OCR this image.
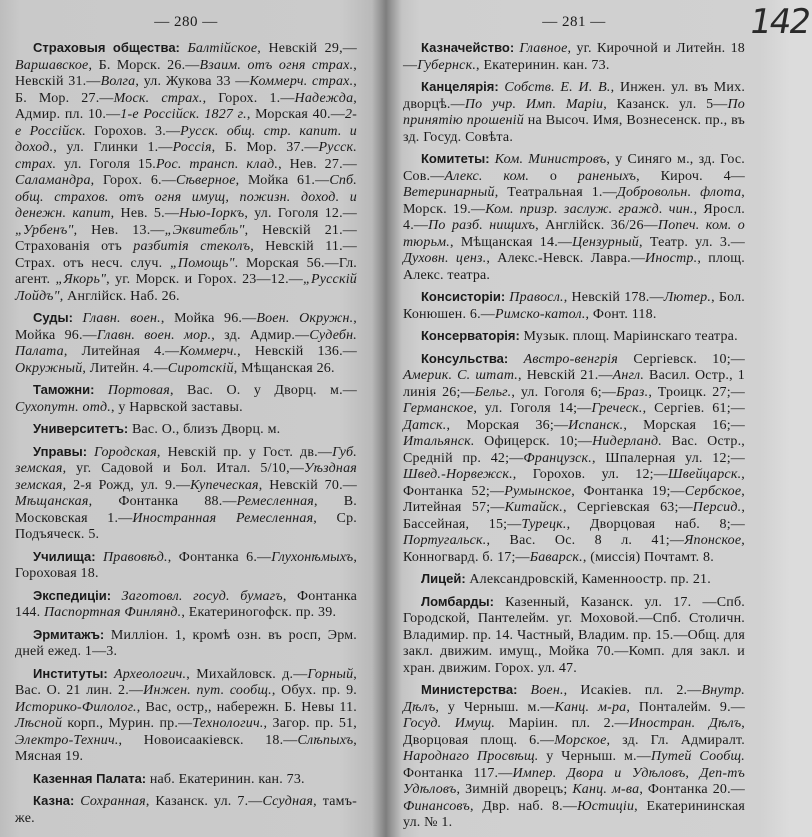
142
— 280 —

Страховыя общества: Балтійское, Невскій 29,—Варшавское, Б. Морск. 26.—Взаим. отъ огня страх., Невскій 31.—Волга, ул. Жукова 33 —Коммерч. страх., Б. Мор. 27.—Моск. страх., Горох. 1.—Надежда, Адмир. пл. 10.—1-е Россійск. 1827 г., Морская 40.—2-е Россійск. Горохов. 3.—Русск. общ. стр. капит. и доход., ул. Глинки 1.—Россія, Б. Мор. 37.—Русск. страх. ул. Гоголя 15.Рос. трансп. клад., Нев. 27.—Саламандра, Горох. 6.—Сѣверное, Мойка 61.—Спб. общ. страхов. отъ огня имущ, пожизн. доход. и денежн. капит, Нев. 5.—Нью-Іоркъ, ул. Гоголя 12.— „Урбенъ", Нев. 13.—„Эквитебль", Невскій 21.—Страхованія отъ разбитія стеколъ, Невскій 11.—Страх. отъ несч. случ. „Помощь". Морская 56.—Гл. агент. „Якорь", уг. Морск. и Горох. 23—12.—„Русскій Лойдъ", Англійск. Наб. 26.

Суды: Главн. воен., Мойка 96.—Воен. Окружн., Мойка 96.—Главн. воен. мор., зд. Адмир.—Судебн. Палата, Литейная 4.—Коммерч., Невскій 136.—Окружный, Литейн. 4.—Сиротскій, Мѣщанская 26.

Таможни: Портовая, Вас. О. у Дворц. м.—Сухопутн. отд., у Нарвской заставы.

Университетъ: Вас. О., близъ Дворц. м.

Управы: Городская, Невскій пр. у Гост. дв.—Губ. земская, уг. Садовой и Бол. Итал. 5/10,—Уѣздная земская, 2-я Рожд, ул. 9.—Купеческая, Невскій 70.—Мѣщанская, Фонтанка 88.—Ремесленная, В. Московская 1.—Иностранная Ремесленная, Ср. Подъяческ. 5.

Училища: Правовѣд., Фонтанка 6.—Глухонѣмыхъ, Гороховая 18.

Экспедиціи: Заготовл. госуд. бумагъ, Фонтанка 144. Паспортная Финлянд., Екатериногофск. пр. 39.

Эрмитажъ: Милліон. 1, кромѣ озн. въ росп, Эрм. дней ежед. 1—3.

Институты: Археологич., Михайловск. д.—Горный, Вас. О. 21 лин. 2.—Инжен. пут. сообщ., Обух. пр. 9. Историко-Филолог., Вас, остр,, набережн. Б. Невы 11. Лѣсной корп., Мурин. пр.—Технологич., Загор. пр. 51, Электро-Технич., Новоисаакіевск. 18.—Слѣпыхъ, Мясная 19.

Казенная Палата: наб. Екатеринин. кан. 73.

Казна: Сохранная, Казанск. ул. 7.—Ссудная, тамъ-же.

— 281 —

Казначейство: Главное, уг. Кирочной и Литейн. 18—Губернск., Екатеринин. кан. 73.

Канцелярія: Собств. Е. И. В., Инжен. ул. въ Мих. дворцѣ.—По учр. Имп. Маріи, Казанск. ул. 5—По принятію прошеній на Высоч. Имя, Вознесенск. пр., въ зд. Госуд. Совѣта.

Комитеты: Ком. Министровъ, у Синяго м., зд. Гос. Сов.—Алекс. ком. о раненыхъ, Кироч. 4—Ветеринарный, Театральная 1.—Добровольн. флота, Морск. 19.—Ком. призр. заслуж. гражд. чин., Яросл. 4.—По разб. нищихъ, Англійск. 36/26—Попеч. ком. о тюрьм., Мѣщанская 14.—Цензурный, Театр. ул. 3.—Духовн. ценз., Алекс.-Невск. Лавра.—Иностр., площ. Алекс. театра.

Консисторіи: Правосл., Невскій 178.—Лютер., Бол. Конюшен. 6.—Римско-катол., Фонт. 118.

Консерваторія: Музык. площ. Маріинскаго театра.

Консульства: Австро-венгрія Сергіевск. 10;—Америк. С. штат., Невскій 21.—Англ. Васил. Остр., 1 линія 26;—Бельг., ул. Гоголя 6;—Браз., Троицк. 27;—Германское, ул. Гоголя 14;—Греческ., Сергіев. 61;—Датск., Морская 36;—Испанск., Морская 16;—Итальянск. Офицерск. 10;—Нидерланд. Вас. Остр., Средній пр. 42;—Французск., Шпалерная ул. 12;—Швед.-Норвежск., Горохов. ул. 12;—Швейцарск., Фонтанка 52;—Румынское, Фонтанка 19;—Сербское, Литейная 57;—Китайск., Сергіевская 63;—Персид., Бассейная, 15;—Турецк., Дворцовая наб. 8;—Португальск., Вас. Ос. 8 л. 41;—Японское, Конногвард. б. 17;—Баварск., (миссія) Почтамт. 8.

Лицей: Александровскій, Каменноостр. пр. 21.

Ломбарды: Казенный, Казанск. ул. 17. —Спб. Городской, Пантелейм. уг. Моховой.—Спб. Столичн. Владимир. пр. 14. Частный, Владим. пр. 15.—Общ. для закл. движим. имущ., Мойка 70.—Комп. для закл. и хран. движим. Горох. ул. 47.

Министерства: Воен., Исакіев. пл. 2.—Внутр. Дѣлъ, у Черныш. м.—Канц. м-ра, Понталейм. 9.—Госуд. Имущ. Маріин. пл. 2.—Иностран. Дѣлъ, Дворцовая площ. 6.—Морское, зд. Гл. Адмиралт. Народнаго Просвѣщ. у Черныш. м.—Путей Сообщ. Фонтанка 117.—Импер. Двора и Удѣловъ, Деп-тъ Удѣловъ, Зимній дворецъ; Канц. м-ва, Фонтанка 20.—Финансовъ, Двр. наб. 8.—Юстиціи, Екатерининская ул. № 1.
